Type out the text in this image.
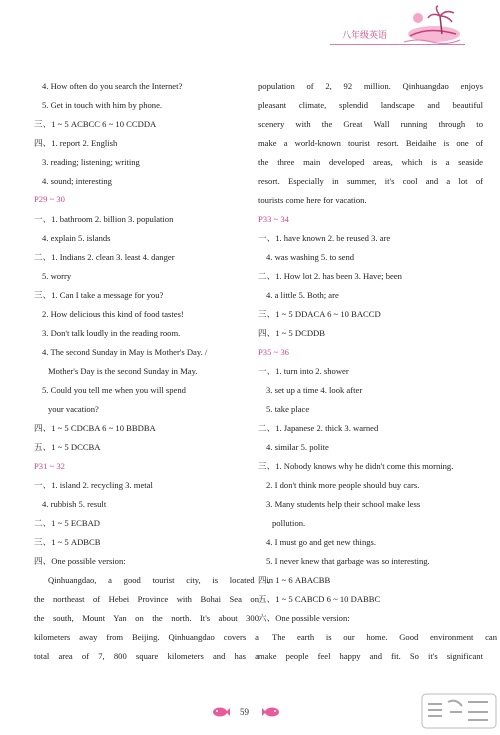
八年级英语
4. How often do you search the Internet?
5. Get in touch with him by phone.
三、1 ~ 5 ACBCC 6 ~ 10 CCDDA
四、1. report 2. English
3. reading; listening; writing
4. sound; interesting
P29 ~ 30
一、1. bathroom 2. billion 3. population
4. explain 5. islands
二、1. Indians 2. clean 3. least 4. danger
5. worry
三、1. Can I take a message for you?
2. How delicious this kind of food tastes!
3. Don't talk loudly in the reading room.
4. The second Sunday in May is Mother's Day. /
Mother's Day is the second Sunday in May.
5. Could you tell me when you will spend
your vacation?
四、1 ~ 5 CDCBA 6 ~ 10 BBDBA
五、1 ~ 5 DCCBA
P31 ~ 32
一、1. island 2. recycling 3. metal
4. rubbish 5. result
二、1 ~ 5 ECBAD
三、1 ~ 5 ADBCB
四、One possible version:
Qinhuangdao, a good tourist city, is located in
the northeast of Hebei Province with Bohai Sea on
the south, Mount Yan on the north. It's about 300
kilometers away from Beijing. Qinhuangdao covers a
total area of 7, 800 square kilometers and has a
population of 2, 92 million. Qinhuangdao enjoys
pleasant climate, splendid landscape and beautiful
scenery with the Great Wall running through to
make a world-known tourist resort. Beidaihe is one of
the three main developed areas, which is a seaside
resort. Especially in summer, it's cool and a lot of
tourists come here for vacation.
P33 ~ 34
一、1. have known 2. be reused 3. are
4. was washing 5. to send
二、1. How lot 2. has been 3. Have; been
4. a little 5. Both; are
三、1 ~ 5 DDACA 6 ~ 10 BACCD
四、1 ~ 5 DCDDB
P35 ~ 36
一、1. turn into 2. shower
3. set up a time 4. look after
5. take place
二、1. Japanese 2. thick 3. warned
4. similar 5. polite
三、1. Nobody knows why he didn't come this morning.
2. I don't think more people should buy cars.
3. Many students help their school make less
pollution.
4. I must go and get new things.
5. I never knew that garbage was so interesting.
四、1 ~ 6 ABACBB
五、1 ~ 5 CABCD 6 ~ 10 DABBC
六、One possible version:
The earth is our home. Good environment can
make people feel happy and fit. So it's significant
59
